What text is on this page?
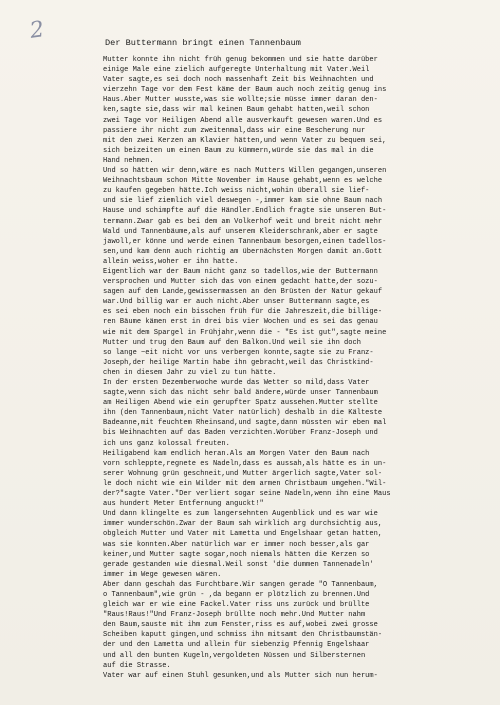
2	Der Buttermann bringt einen Tannenbaum
Mutter konnte ihn nicht früh genug bekommen und sie hatte darüber
einige Male eine zielich aufgeregte Unterhaltung mit Vater.Weil
Vater sagte,es sei doch noch massenhaft Zeit bis Weihnachten und
vierzehn Tage vor dem Fest käme der Baum auch noch zeitig genug ins
Haus.Aber Mutter wusste,was sie wollte;sie müsse immer daran den-
ken,sagte sie,dass wir mal keinen Baum gehabt hatten,weil schon
zwei Tage vor Heiligen Abend alle ausverkauft gewesen waren.Und es
passiere ihr nicht zum zweitenmal,dass wir eine Bescherung nur
mit den zwei Kerzen am Klavier hätten,und wenn Vater zu bequem sei,
sich beizeiten um einen Baum zu kümmern,würde sie das mal in die
Hand nehmen.
Und so hätten wir denn,wäre es nach Mutters Willen gegangen,unseren
Weihnachtsbaum schon Mitte November im Hause gehabt,wenn es welche
zu kaufen gegeben hätte.Ich weiss nicht,wohin überall sie lief-
und sie lief ziemlich viel deswegen -,immer kam sie ohne Baum nach
Hause und schimpfte auf die Händler.Endlich fragte sie unseren But-
termann.Zwar gab es bei dem am Volkerhof weit und breit nicht mehr
Wald und Tannenbäume,als auf unserem Kleiderschrank,aber er sagte
jawoll,er könne und werde einen Tannenbaum besorgen,einen tadellos-
sen,und kam denn auch richtig am übernächsten Morgen damit an.Gott
allein weiss,woher er ihn hatte.
Eigentlich war der Baum nicht ganz so tadellos,wie der Buttermann
versprochen und Mutter sich das von einem gedacht hatte,der sozu-
sagen auf dem Lande,gewissermassen an den Brüsten der Natur gekauf
war.Und billig war er auch nicht.Aber unser Buttermann sagte,es
es sei eben noch ein bisschen früh für die Jahreszeit,die billige-
ren Bäume kämen erst in drei bis vier Wochen und es sei das genau
wie mit dem Spargel in Frühjahr,wenn die - "Es ist gut",sagte meine
Mutter und trug den Baum auf den Balkon.Und weil sie ihn doch
so lange ~eit nicht vor uns verbergen konnte,sagte sie zu Franz-
Joseph,der heilige Martin habe ihn gebracht,weil das Christkind-
chen in diesem Jahr zu viel zu tun hätte.
In der ersten Dezemberwoche wurde das Wetter so mild,dass Vater
sagte,wenn sich das nicht sehr bald ändere,würde unser Tannenbaum
am Heiligen Abend wie ein gerupfter Spatz aussehen.Mutter stellte
ihn (den Tannenbaum,nicht Vater natürlich) deshalb in die Kälteste
Badeanne,mit feuchtem Rheinsand,und sagte,dann müssten wir eben mal
bis Weihnachten auf das Baden verzichten.Worüber Franz-Joseph und
ich uns ganz kolossal freuten.
Heiligabend kam endlich heran.Als am Morgen Vater den Baum nach
vorn schleppte,regnete es Nadeln,dass es aussah,als hätte es in un-
serer Wohnung grün geschneit,und Mutter ärgerlich sagte,Vater sol-
le doch nicht wie ein Wilder mit dem armen Christbaum umgehen."Wil-
der?"sagte Vater."Der verliert sogar seine Nadeln,wenn ihn eine Maus
aus hundert Meter Entfernung anguckt!"
Und dann klingelte es zum langersehnten Augenblick und es war wie
immer wunderschön.Zwar der Baum sah wirklich arg durchsichtig aus,
obgleich Mutter und Vater mit Lametta und Engelshaar getan hatten,
was sie konnten.Aber natürlich war er immer noch besser,als gar
keiner,und Mutter sagte sogar,noch niemals hätten die Kerzen so
gerade gestanden wie diesmal.Weil sonst 'die dummen Tannenadeln'
immer im Wege gewesen wären.
Aber dann geschah das Furchtbare.Wir sangen gerade "O Tannenbaum,
o Tannenbaum",wie grün - ,da begann er plötzlich zu brennen.Und
gleich war er wie eine Fackel.Vater riss uns zurück und brüllte
"Raus!Raus!"Und Franz-Joseph brüllte noch mehr.Und Mutter nahm
den Baum,sauste mit ihm zum Fenster,riss es auf,wobei zwei grosse
Scheiben kaputt gingen,und schmiss ihn mitsamt den Christbaumstän-
der und den Lametta und allein für siebenzig Pfennig Engelshaar
und all den bunten Kugeln,vergoldeten Nüssen und Silbersternen
auf die Strasse.
Vater war auf einen Stuhl gesunken,und als Mutter sich nun herum-
